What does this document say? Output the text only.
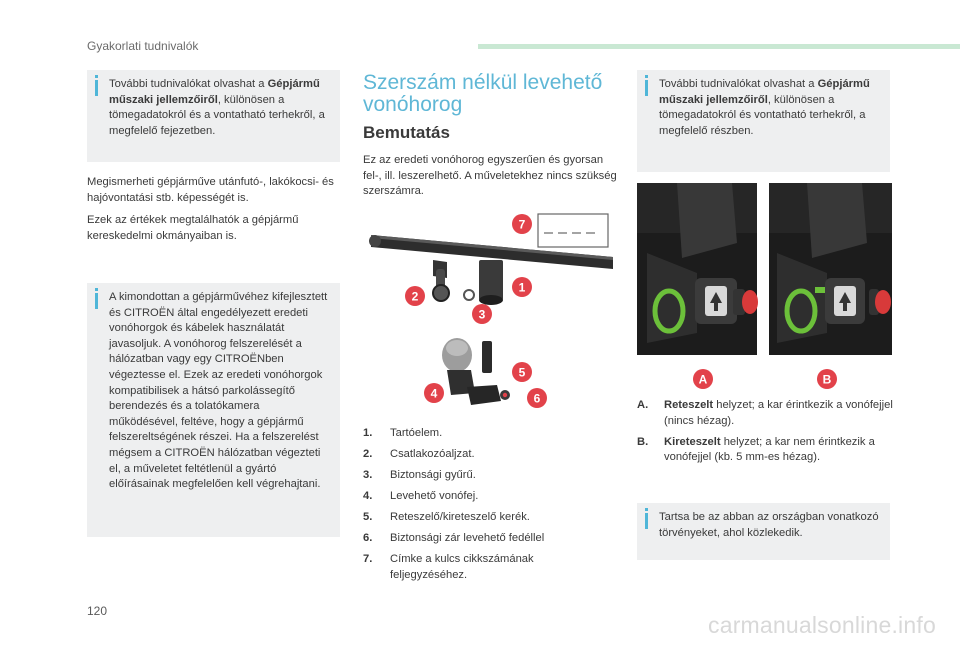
Gyakorlati tudnivalók

További tudnivalókat olvashat a Gépjármű műszaki jellemzőiről, különösen a tömegadatokról és a vontatható terhekről, a megfelelő fejezetben.

Megismerheti gépjárműve utánfutó-, lakókocsi- és hajóvontatási stb. képességét is.
Ezek az értékek megtalálhatók a gépjármű kereskedelmi okmányaiban is.

A kimondottan a gépjárművéhez kifejlesztett és CITROËN által engedélyezett eredeti vonóhorgok és kábelek használatát javasoljuk. A vonóhorog felszerelését a hálózatban vagy egy CITROËNben végeztesse el. Ezek az eredeti vonóhorgok kompatibilisek a hátsó parkolássegítő berendezés és a tolatókamera működésével, feltéve, hogy a gépjármű felszereltségének részei. Ha a felszerelést mégsem a CITROËN hálózatban végezteti el, a műveletet feltétlenül a gyártó előírásainak megfelelően kell végrehajtani.

Szerszám nélkül levehető vonóhorog
Bemutatás
Ez az eredeti vonóhorog egyszerűen és gyorsan fel-, ill. leszerelhető. A műveletekhez nincs szükség szerszámra.
7
1
2
3
5
4	6
1.	Tartóelem.
2.	Csatlakozóaljzat.
3.	Biztonsági gyűrű.
4.	Levehető vonófej.
5.	Reteszelő/kireteszelő kerék.
6.	Biztonsági zár levehető fedéllel
7.	Címke a kulcs cikkszámának feljegyzéséhez.

További tudnivalókat olvashat a Gépjármű műszaki jellemzőiről, különösen a tömegadatokról és vontatható terhekről, a megfelelő részben.

A	B
A.	Reteszelt helyzet; a kar érintkezik a vonófejjel (nincs hézag).
B.	Kireteszelt helyzet; a kar nem érintkezik a vonófejjel (kb. 5 mm-es hézag).

Tartsa be az abban az országban vonatkozó törvényeket, ahol közlekedik.

120
carmanualsonline.info
